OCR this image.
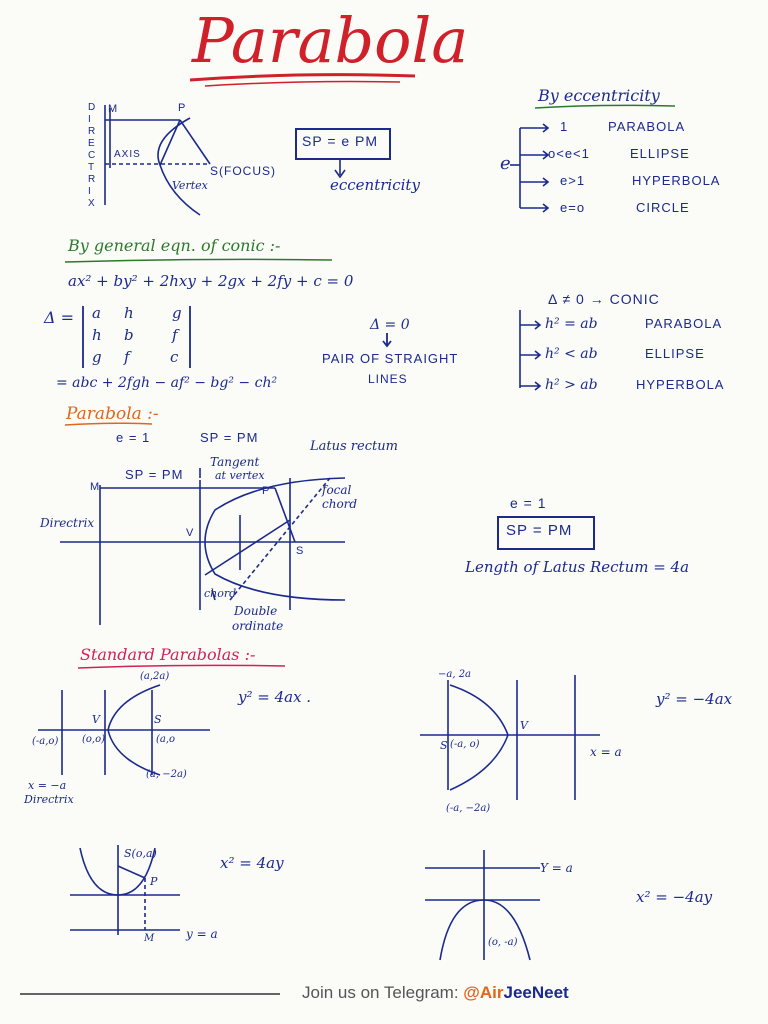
Parabola
D
I
R
E
C
T
R
I
X
M	P
AXIS
S(FOCUS)
Vertex
SP = e PM
eccentricity
By eccentricity
e
1	PARABOLA
o<e<1	ELLIPSE
e>1	HYPERBOLA
e=o	CIRCLE
By general eqn. of conic :-
ax² + by² + 2hxy + 2gx + 2fy + c = 0
Δ = a h	g
h b	f
g f	c
= abc + 2fgh − af² − bg² − ch²
Δ = 0
PAIR OF STRAIGHT
LINES
Δ ≠ 0 → CONIC
h² = ab	PARABOLA
h² < ab	ELLIPSE
h² > ab	HYPERBOLA
Parabola :-
e = 1	SP = PM
SP = PM
Tangent
at vertex
Latus rectum
focal
chord
M	P
V
S
Directrix
chord
Double
ordinate
e = 1
SP = PM
Length of Latus Rectum = 4a
Standard Parabolas :-
y² = 4ax .
(a,2a)
V	S
(-a,o) (o,o)	(a,o
(a, −2a)
x = −a
Directrix
y² = −4ax
−a, 2a
S (-a, o)
V
x = a
(-a, −2a)
S(o,a)
P
M	y = a
x² = 4ay	Y = a
(o, -a)
x² = −4ay
Join us on Telegram: @AirJeeNeet
